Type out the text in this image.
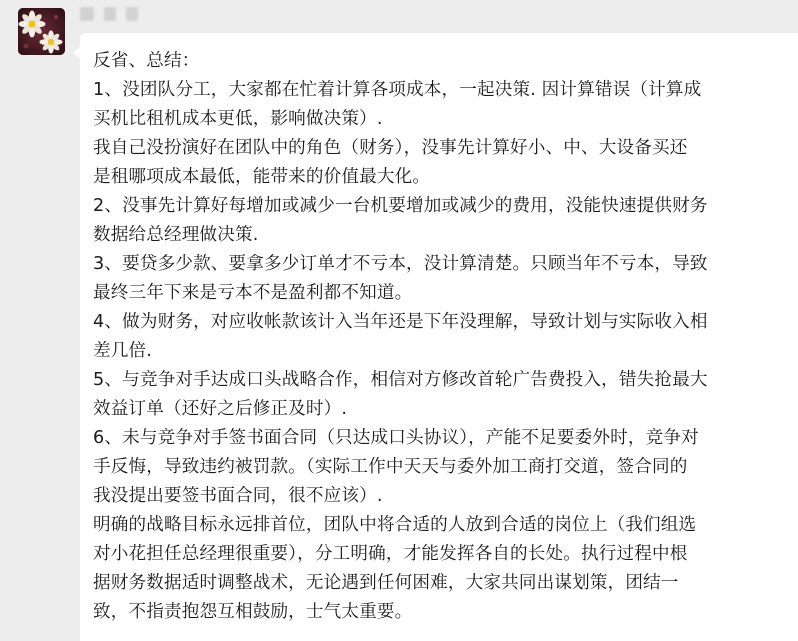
反省、总结：

1、没团队分工，大家都在忙着计算各项成本，一起决策. 因计算错误（计算成

买机比租机成本更低，影响做决策）.

我自己没扮演好在团队中的角色（财务），没事先计算好小、中、大设备买还

是租哪项成本最低，能带来的价值最大化。

2、没事先计算好每增加或减少一台机要增加或减少的费用，没能快速提供财务

数据给总经理做决策.

3、要贷多少款、要拿多少订单才不亏本，没计算清楚。只顾当年不亏本，导致

最终三年下来是亏本不是盈利都不知道。

4、做为财务，对应收帐款该计入当年还是下年没理解，导致计划与实际收入相

差几倍.

5、与竞争对手达成口头战略合作，相信对方修改首轮广告费投入，错失抢最大

效益订单（还好之后修正及时）.

6、未与竞争对手签书面合同（只达成口头协议），产能不足要委外时，竞争对

手反悔，导致违约被罚款。（实际工作中天天与委外加工商打交道，签合同的

我没提出要签书面合同，很不应该）.

明确的战略目标永远排首位，团队中将合适的人放到合适的岗位上（我们组选

对小花担任总经理很重要），分工明确，才能发挥各自的长处。执行过程中根

据财务数据适时调整战术，无论遇到任何困难，大家共同出谋划策，团结一

致，不指责抱怨互相鼓励，士气太重要。
